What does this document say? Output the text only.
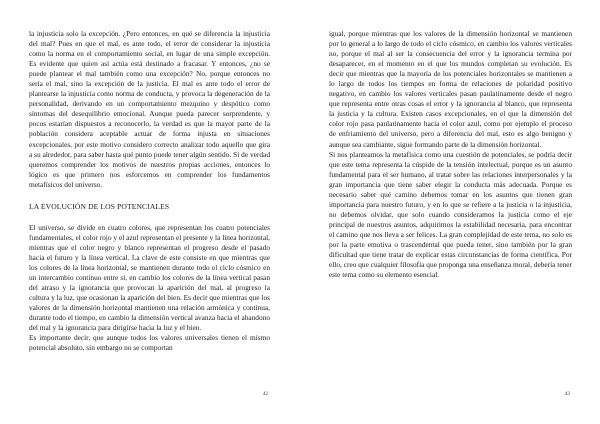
la injusticia solo la excepción. ¿Pero entonces, en qué se diferencia la injusticia del mal? Pues en que el mal, es ante todo, el error de considerar la injusticia como la norma en el comportamiento social, en lugar de una simple excepción. Es evidente que quien así actúa está destinado a fracasar. Y entonces, ¿no se puede plantear el mal también como una excepción? No, porque entonces no sería el mal, sino la excepción de la justicia. El mal es ante todo el error de plantearse la injusticia como norma de conducta, y provoca la degeneración de la personalidad, derivando en un comportamiento mezquino y despótico como síntomas del desequilibrio emocional. Aunque pueda parecer sorprendente, y pocos estarían dispuestos a reconocerlo, la verdad es que la mayor parte de la población considera aceptable actuar de forma injusta en situaciones excepcionales, por este motivo considero correcto analizar todo aquello que gira a su alrededor, para saber hasta qué punto puede tener algún sentido. Si de verdad queremos comprender los motivos de nuestros propias acciones, entonces lo lógico es que primero nos esforcemos en comprender los fundamentos metafísicos del universo.

LA EVOLUCIÓN DE LOS POTENCIALES

El universo, se divide en cuatro colores, que representan los cuatro potenciales fundamentales, el color rojo y el azul representan el presente y la línea horizontal, mientras que el color negro y blanco representan el progreso desde el pasado hacia el futuro y la línea vertical. La clave de este consiste en que mientras que los colores de la línea horizontal, se mantienen durante todo el ciclo cósmico en un intercambio continuo entre sí, en cambio los colores de la línea vertical pasan del atraso y la ignorancia que provocan la aparición del mal, al progreso la cultura y la luz, que ocasionan la aparición del bien. Es decir que mientras que los valores de la dimensión horizontal mantienen una relación armónica y continua, durante todo el tiempo, en cambio la dimensión vertical avanza hacia el abandono del mal y la ignorancia para dirigirse hacia la luz y el bien.

Es importante decir, que aunque todos los valores universales tienen el mismo potencial absoluto, sin embargo no se comportan

42

igual, porque mientras que los valores de la dimensión horizontal se mantienen por lo general a lo largo de todo el ciclo cósmico, en cambio los valores verticales no, porque el mal al ser la consecuencia del error y la ignorancia termina por desaparecer, en el momento en el que los mundos completan su evolución. Es decir que mientras que la mayoría de los potenciales horizontales se mantienen a lo largo de todos los tiempos en forma de relaciones de polaridad positivo negativo, en cambio los valores verticales pasan paulatinamente desde el negro que representa entre otras cosas el error y la ignorancia al blanco, que representa la justicia y la cultura. Existen casos excepcionales, en el que la dimensión del color rojo pasa paulatinamente hacia el color azul, como por ejemplo el proceso de enfriamiento del universo, pero a diferencia del mal, esto es algo benigno y aunque sea cambiante, sigue formando parte de la dimensión horizontal.

Si nos planteamos la metafísica como una cuestión de potenciales, se podría decir que este tema representa la cúspide de la tensión intelectual, porque es un asunto fundamental para el ser humano, al tratar sobre las relaciones interpersonales y la gran importancia que tiene saber elegir la conducta más adecuada. Porque es necesario saber qué camino debemos tomar en los asuntos que tienen gran importancia para nuestro futuro, y en lo que se refiere a la justicia o la injusticia, no debemos olvidar, que solo cuando consideramos la justicia como el eje principal de nuestros asuntos, adquirimos la estabilidad necesaria, para encontrar el camino que nos lleva a ser felices. La gran complejidad de este tema, no solo es por la parte emotiva o trascendental que pueda tener, sino también por la gran dificultad que tiene tratar de explicar estas circunstancias de forma científica. Por ello, creo que cualquier filosofía que proponga una enseñanza moral, debería tener este tema como su elemento esencial.

43
